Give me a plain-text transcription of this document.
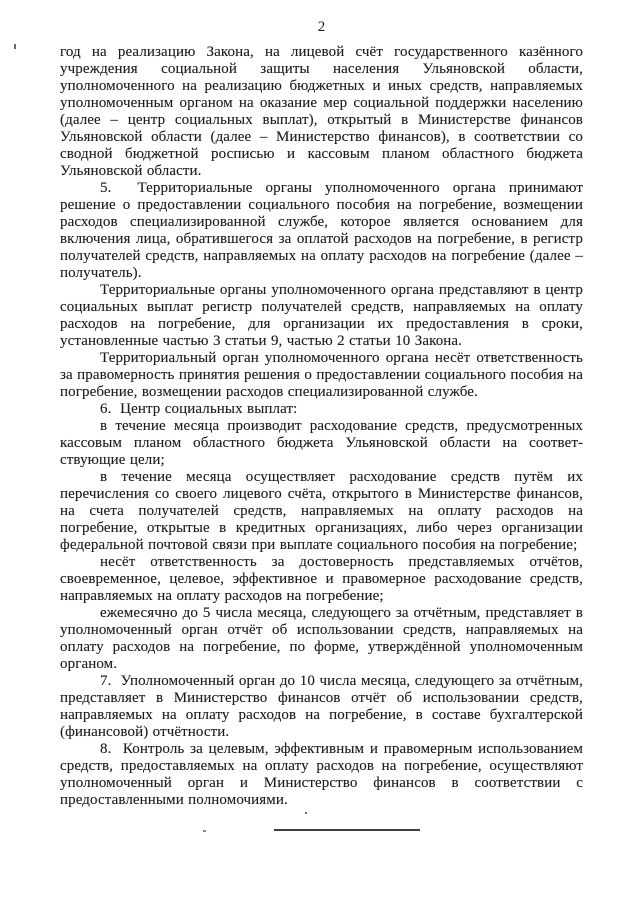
2

год на реализацию Закона, на лицевой счёт государственного казённого учреждения социальной защиты населения Ульяновской области, уполномоченного на реализацию бюджетных и иных средств, направляемых уполномоченным органом на оказание мер социальной поддержки населению (далее – центр социальных выплат), открытый в Министерстве финансов Ульяновской области (далее – Министерство финансов), в соответствии со сводной бюджетной росписью и кассовым планом областного бюджета Ульяновской области.

5.  Территориальные органы уполномоченного органа принимают решение о предоставлении социального пособия на погребение, возмещении расходов специализированной службе, которое является основанием для включения лица, обратившегося за оплатой расходов на погребение, в регистр получателей средств, направляемых на оплату расходов на погребение (далее – получатель).

Территориальные органы уполномоченного органа представляют в центр социальных выплат регистр получателей средств, направляемых на оплату расходов на погребение, для организации их предоставления в сроки, установленные частью 3 статьи 9, частью 2 статьи 10 Закона.

Территориальный орган уполномоченного органа несёт ответственность за правомерность принятия решения о предоставлении социального пособия на погребение, возмещении расходов специализированной службе.

6.  Центр социальных выплат:

в течение месяца производит расходование средств, предусмотренных кассовым планом областного бюджета Ульяновской области на соответствующие цели;

в течение месяца осуществляет расходование средств путём их перечисления со своего лицевого счёта, открытого в Министерстве финансов, на счета получателей средств, направляемых на оплату расходов на погребение, открытые в кредитных организациях, либо через организации федеральной почтовой связи при выплате социального пособия на погребение;

несёт ответственность за достоверность представляемых отчётов, своевременное, целевое, эффективное и правомерное расходование средств, направляемых на оплату расходов на погребение;

ежемесячно до 5 числа месяца, следующего за отчётным, представляет в уполномоченный орган отчёт об использовании средств, направляемых на оплату расходов на погребение, по форме, утверждённой уполномоченным органом.

7.  Уполномоченный орган до 10 числа месяца, следующего за отчётным, представляет в Министерство финансов отчёт об использовании средств, направляемых на оплату расходов на погребение, в составе бухгалтерской (финансовой) отчётности.

8.  Контроль за целевым, эффективным и правомерным использованием средств, предоставляемых на оплату расходов на погребение, осуществляют уполномоченный орган и Министерство финансов в соответствии с предоставленными полномочиями.
